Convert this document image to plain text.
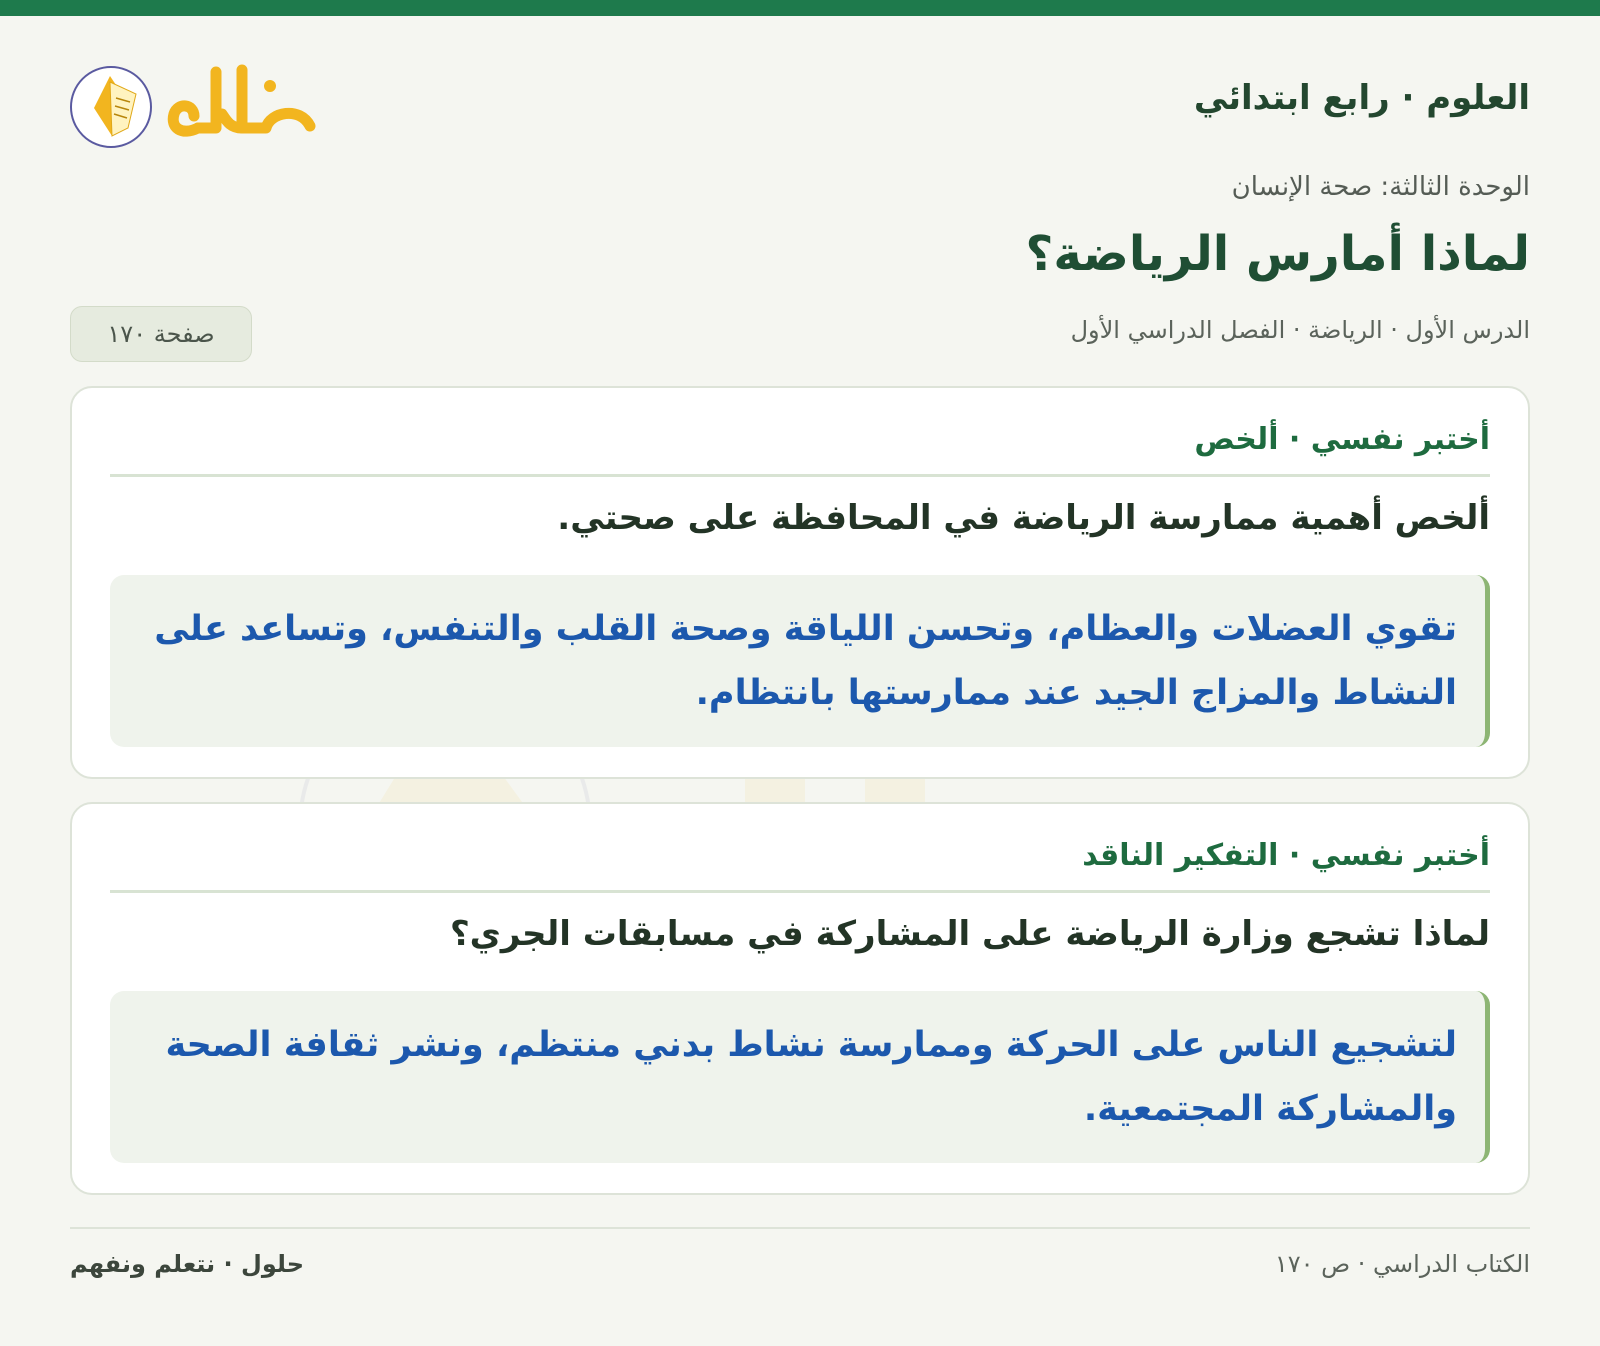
العلوم · رابع ابتدائي
الوحدة الثالثة: صحة الإنسان
لماذا أمارس الرياضة؟
الدرس الأول · الرياضة · الفصل الدراسي الأول
صفحة ١٧٠
أختبر نفسي · ألخص
ألخص أهمية ممارسة الرياضة في المحافظة على صحتي.
تقوي العضلات والعظام، وتحسن اللياقة وصحة القلب والتنفس، وتساعد على النشاط والمزاج الجيد عند ممارستها بانتظام.
أختبر نفسي · التفكير الناقد
لماذا تشجع وزارة الرياضة على المشاركة في مسابقات الجري؟
لتشجيع الناس على الحركة وممارسة نشاط بدني منتظم، ونشر ثقافة الصحة والمشاركة المجتمعية.
الكتاب الدراسي · ص ١٧٠
حلول · نتعلم ونفهم
